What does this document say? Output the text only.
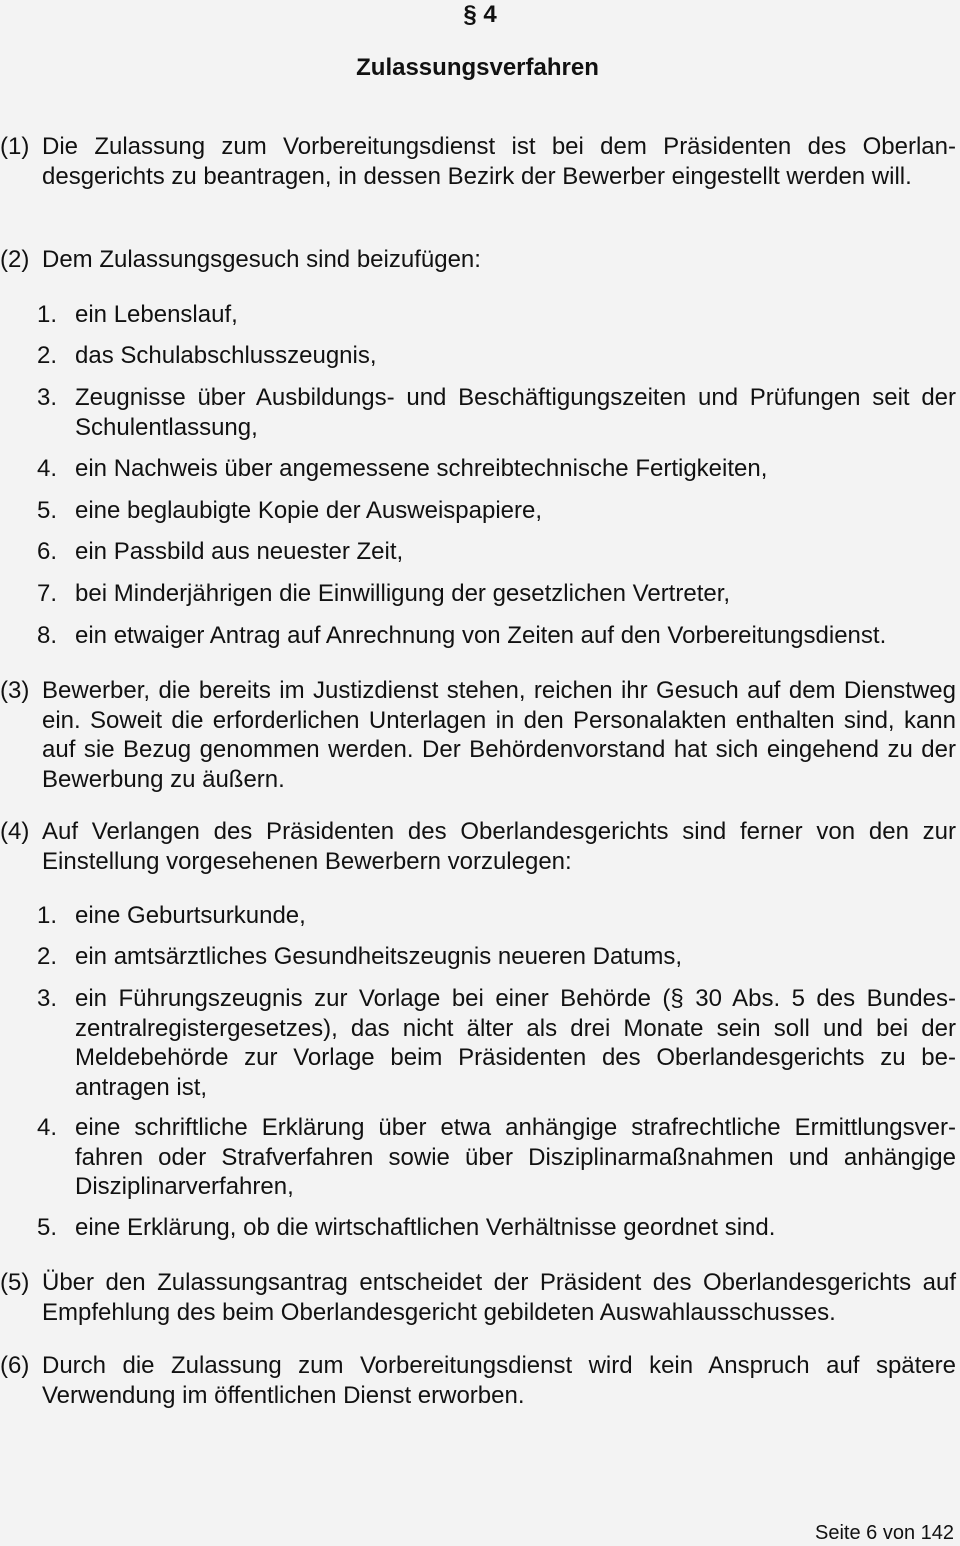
§ 4
Zulassungsverfahren
(1) Die Zulassung zum Vorbereitungsdienst ist bei dem Präsidenten des Oberlandesgerichts zu beantragen, in dessen Bezirk der Bewerber eingestellt werden will.
(2) Dem Zulassungsgesuch sind beizufügen:
1. ein Lebenslauf,
2. das Schulabschlusszeugnis,
3. Zeugnisse über Ausbildungs- und Beschäftigungszeiten und Prüfungen seit der Schulentlassung,
4. ein Nachweis über angemessene schreibtechnische Fertigkeiten,
5. eine beglaubigte Kopie der Ausweispapiere,
6. ein Passbild aus neuester Zeit,
7. bei Minderjährigen die Einwilligung der gesetzlichen Vertreter,
8. ein etwaiger Antrag auf Anrechnung von Zeiten auf den Vorbereitungsdienst.
(3) Bewerber, die bereits im Justizdienst stehen, reichen ihr Gesuch auf dem Dienstweg ein. Soweit die erforderlichen Unterlagen in den Personalakten enthalten sind, kann auf sie Bezug genommen werden. Der Behördenvorstand hat sich eingehend zu der Bewerbung zu äußern.
(4) Auf Verlangen des Präsidenten des Oberlandesgerichts sind ferner von den zur Einstellung vorgesehenen Bewerbern vorzulegen:
1. eine Geburtsurkunde,
2. ein amtsärztliches Gesundheitszeugnis neueren Datums,
3. ein Führungszeugnis zur Vorlage bei einer Behörde (§ 30 Abs. 5 des Bundeszentralregistergesetzes), das nicht älter als drei Monate sein soll und bei der Meldebehörde zur Vorlage beim Präsidenten des Oberlandesgerichts zu beantragen ist,
4. eine schriftliche Erklärung über etwa anhängige strafrechtliche Ermittlungsverfahren oder Strafverfahren sowie über Disziplinarmaßnahmen und anhängige Disziplinarverfahren,
5. eine Erklärung, ob die wirtschaftlichen Verhältnisse geordnet sind.
(5) Über den Zulassungsantrag entscheidet der Präsident des Oberlandesgerichts auf Empfehlung des beim Oberlandesgericht gebildeten Auswahlausschusses.
(6) Durch die Zulassung zum Vorbereitungsdienst wird kein Anspruch auf spätere Verwendung im öffentlichen Dienst erworben.
Seite 6 von 142
